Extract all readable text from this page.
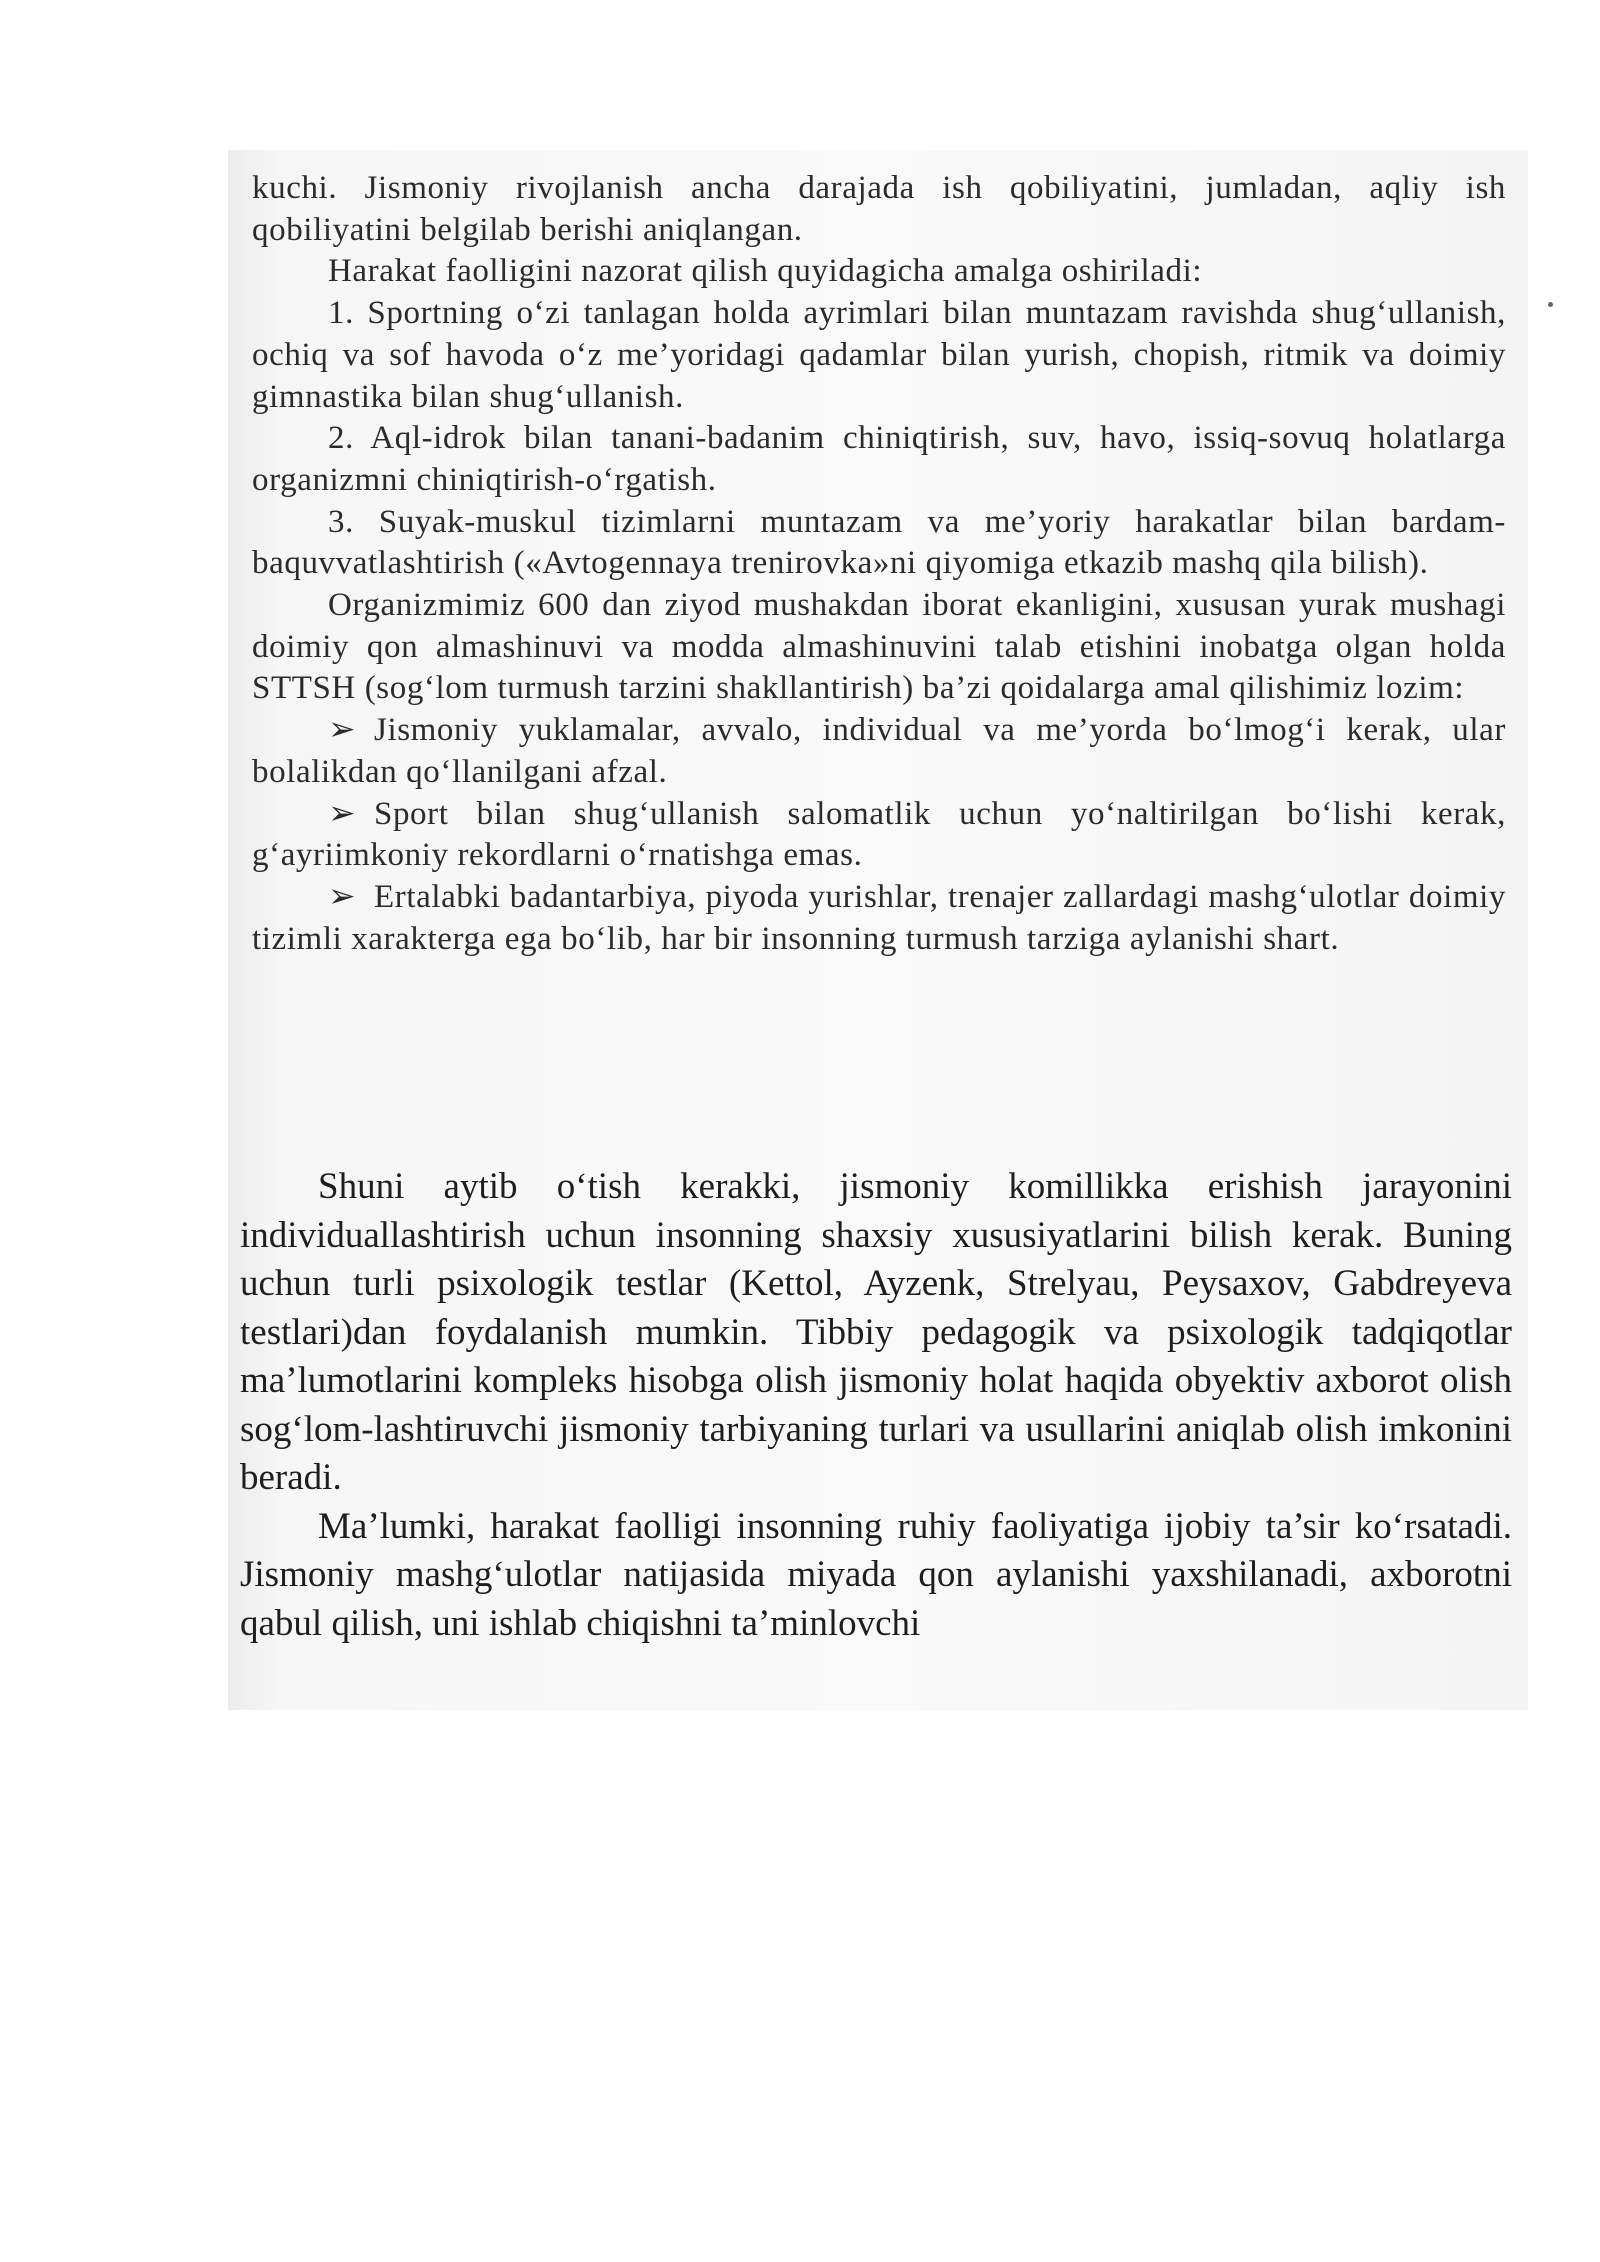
kuchi. Jismoniy rivojlanish ancha darajada ish qobiliyatini, jumladan, aqliy ish qobiliyatini belgilab berishi aniqlangan.

Harakat faolligini nazorat qilish quyidagicha amalga oshiriladi:

1. Sportning o‘zi tanlagan holda ayrimlari bilan muntazam ravishda shug‘ullanish, ochiq va sof havoda o‘z me’yoridagi qadamlar bilan yurish, chopish, ritmik va doimiy gimnastika bilan shug‘ullanish.

2. Aql-idrok bilan tanani-badanim chiniqtirish, suv, havo, issiq-sovuq holatlarga organizmni chiniqtirish-o‘rgatish.

3. Suyak-muskul tizimlarni muntazam va me’yoriy harakatlar bilan bardam-baquvvatlashtirish («Avtogennaya trenirovka»ni qiyomiga etkazib mashq qila bilish).

Organizmimiz 600 dan ziyod mushakdan iborat ekanligini, xususan yurak mushagi doimiy qon almashinuvi va modda almashinuvini talab etishini inobatga olgan holda STTSH (sog‘lom turmush tarzini shakllantirish) ba’zi qoidalarga amal qilishimiz lozim:

➢ Jismoniy yuklamalar, avvalo, individual va me’yorda bo‘lmog‘i kerak, ular bolalikdan qo‘llanilgani afzal.

➢ Sport bilan shug‘ullanish salomatlik uchun yo‘naltirilgan bo‘lishi kerak, g‘ayriimkoniy rekordlarni o‘rnatishga emas.

➢ Ertalabki badantarbiya, piyoda yurishlar, trenajer zallardagi mashg‘ulotlar doimiy tizimli xarakterga ega bo‘lib, har bir insonning turmush tarziga aylanishi shart.

Shuni aytib o‘tish kerakki, jismoniy komillikka erishish jarayonini individuallashtirish uchun insonning shaxsiy xususiyatlarini bilish kerak. Buning uchun turli psixologik testlar (Kettol, Ayzenk, Strelyau, Peysaxov, Gabdreyeva testlari)dan foydalanish mumkin. Tibbiy pedagogik va psixologik tadqiqotlar ma’lumotlarini kompleks hisobga olish jismoniy holat haqida obyektiv axborot olish sog‘lom-lashtiruvchi jismoniy tarbiyaning turlari va usullarini aniqlab olish imkonini beradi.

Ma’lumki, harakat faolligi insonning ruhiy faoliyatiga ijobiy ta’sir ko‘rsatadi. Jismoniy mashg‘ulotlar natijasida miyada qon aylanishi yaxshilanadi, axborotni qabul qilish, uni ishlab chiqishni ta’minlovchi
